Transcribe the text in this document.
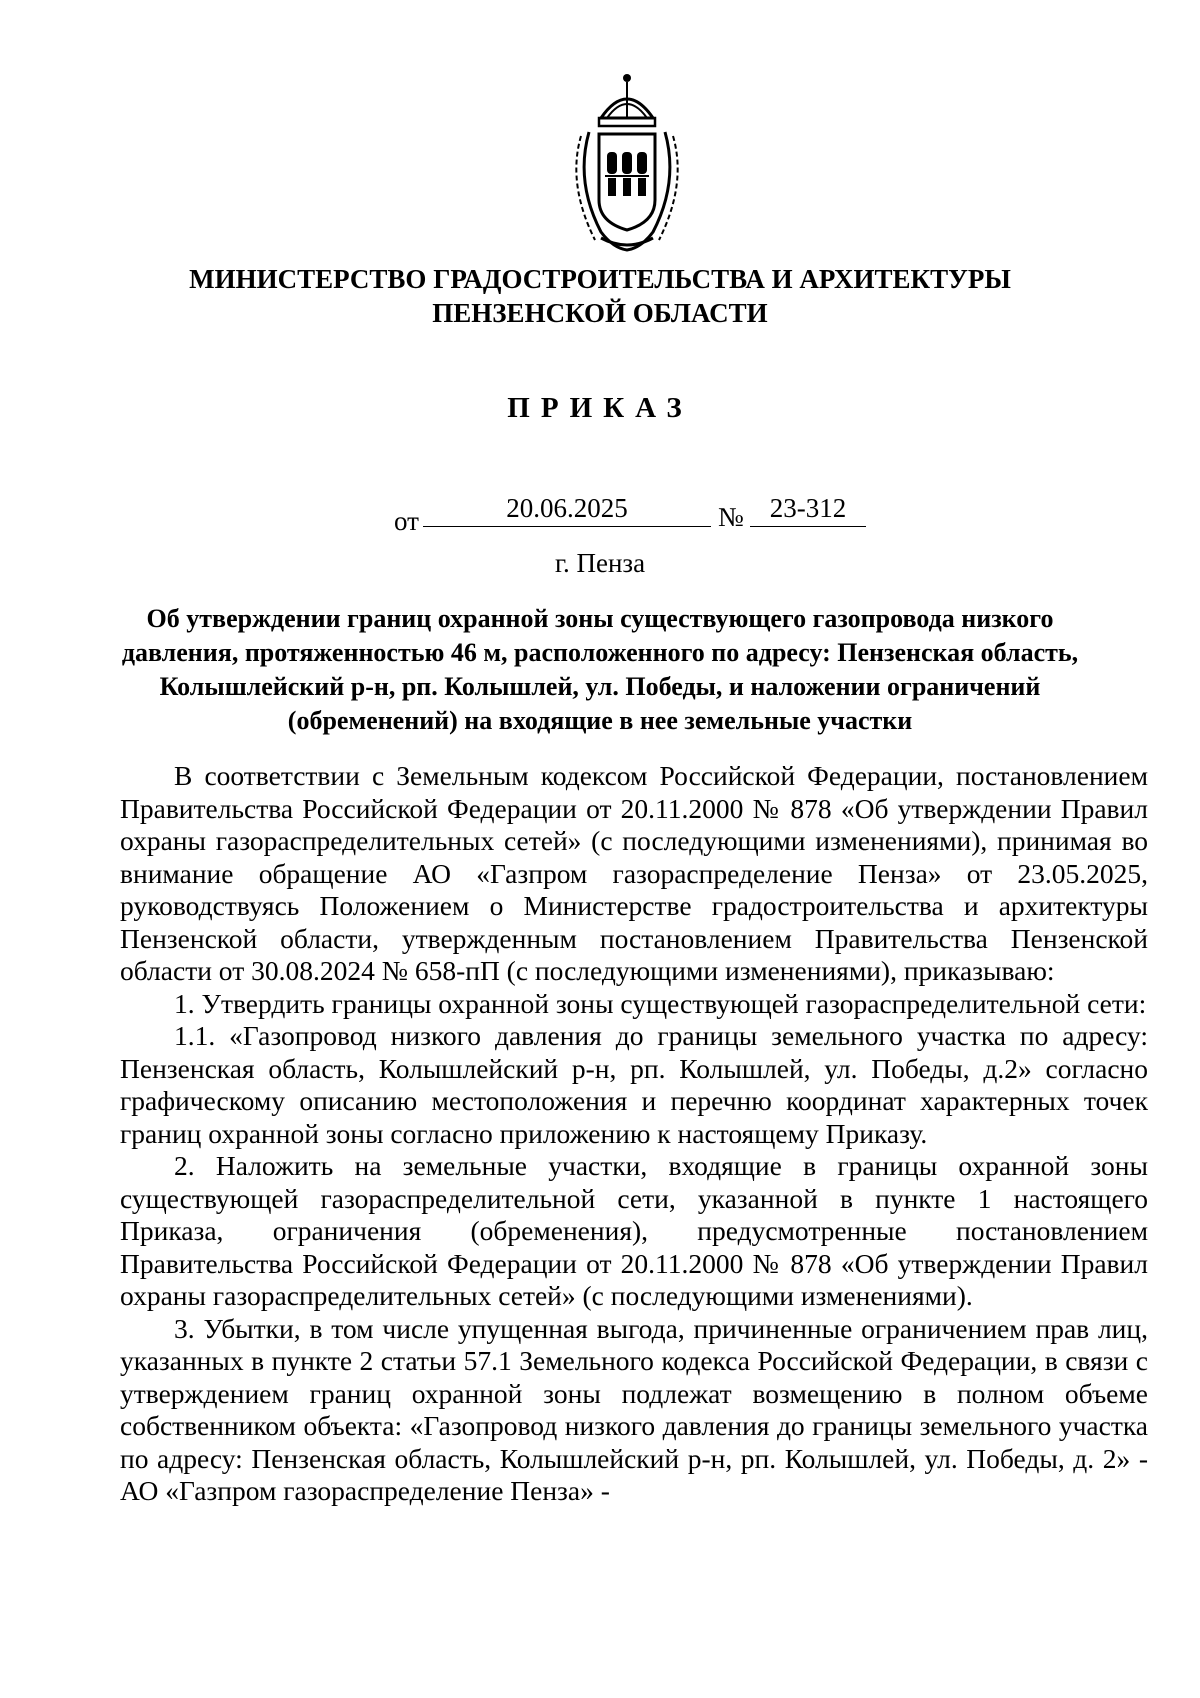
МИНИСТЕРСТВО ГРАДОСТРОИТЕЛЬСТВА И АРХИТЕКТУРЫ
ПЕНЗЕНСКОЙ ОБЛАСТИ
ПРИКАЗ
от	20.06.2025	№ 23-312
г. Пенза
Об утверждении границ охранной зоны существующего газопровода низкого давления, протяженностью 46 м, расположенного по адресу: Пензенская область, Колышлейский р-н, рп. Колышлей, ул. Победы, и наложении ограничений (обременений) на входящие в нее земельные участки

В соответствии с Земельным кодексом Российской Федерации, постановлением Правительства Российской Федерации от 20.11.2000 № 878 «Об утверждении Правил охраны газораспределительных сетей» (с последующими изменениями), принимая во внимание обращение АО «Газпром газораспределение Пенза» от 23.05.2025, руководствуясь Положением о Министерстве градостроительства и архитектуры Пензенской области, утвержденным постановлением Правительства Пензенской области от 30.08.2024 № 658-пП (с последующими изменениями), приказываю:

1. Утвердить границы охранной зоны существующей газораспределительной сети:

1.1. «Газопровод низкого давления до границы земельного участка по адресу: Пензенская область, Колышлейский р-н, рп. Колышлей, ул. Победы, д.2» согласно графическому описанию местоположения и перечню координат характерных точек границ охранной зоны согласно приложению к настоящему Приказу.

2. Наложить на земельные участки, входящие в границы охранной зоны существующей газораспределительной сети, указанной в пункте 1 настоящего Приказа, ограничения (обременения), предусмотренные постановлением Правительства Российской Федерации от 20.11.2000 № 878 «Об утверждении Правил охраны газораспределительных сетей» (с последующими изменениями).

3. Убытки, в том числе упущенная выгода, причиненные ограничением прав лиц, указанных в пункте 2 статьи 57.1 Земельного кодекса Российской Федерации, в связи с утверждением границ охранной зоны подлежат возмещению в полном объеме собственником объекта: «Газопровод низкого давления до границы земельного участка по адресу: Пензенская область, Колышлейский р-н, рп. Колышлей, ул. Победы, д. 2» - АО «Газпром газораспределение Пенза» -
